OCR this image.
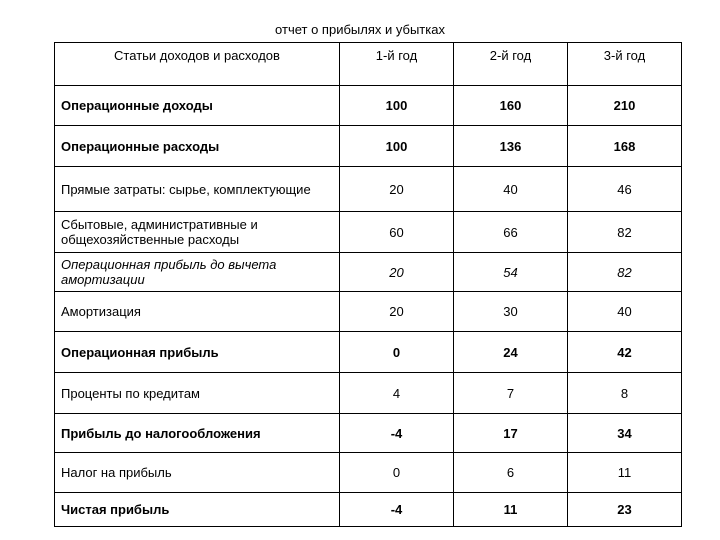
отчет о прибылях и убытках
Статьи доходов и расходов	1-й год	2-й год	3-й год
Операционные доходы	100	160	210
Операционные расходы	100	136	168
Прямые затраты: сырье, комплектующие	20	40	46
Сбытовые, административные и общехозяйственные расходы	60	66	82
Операционная прибыль до вычета амортизации	20	54	82
Амортизация	20	30	40
Операционная прибыль	0	24	42
Проценты по кредитам	4	7	8
Прибыль до налогообложения	-4	17	34
Налог на прибыль	0	6	11
Чистая прибыль	-4	11	23
